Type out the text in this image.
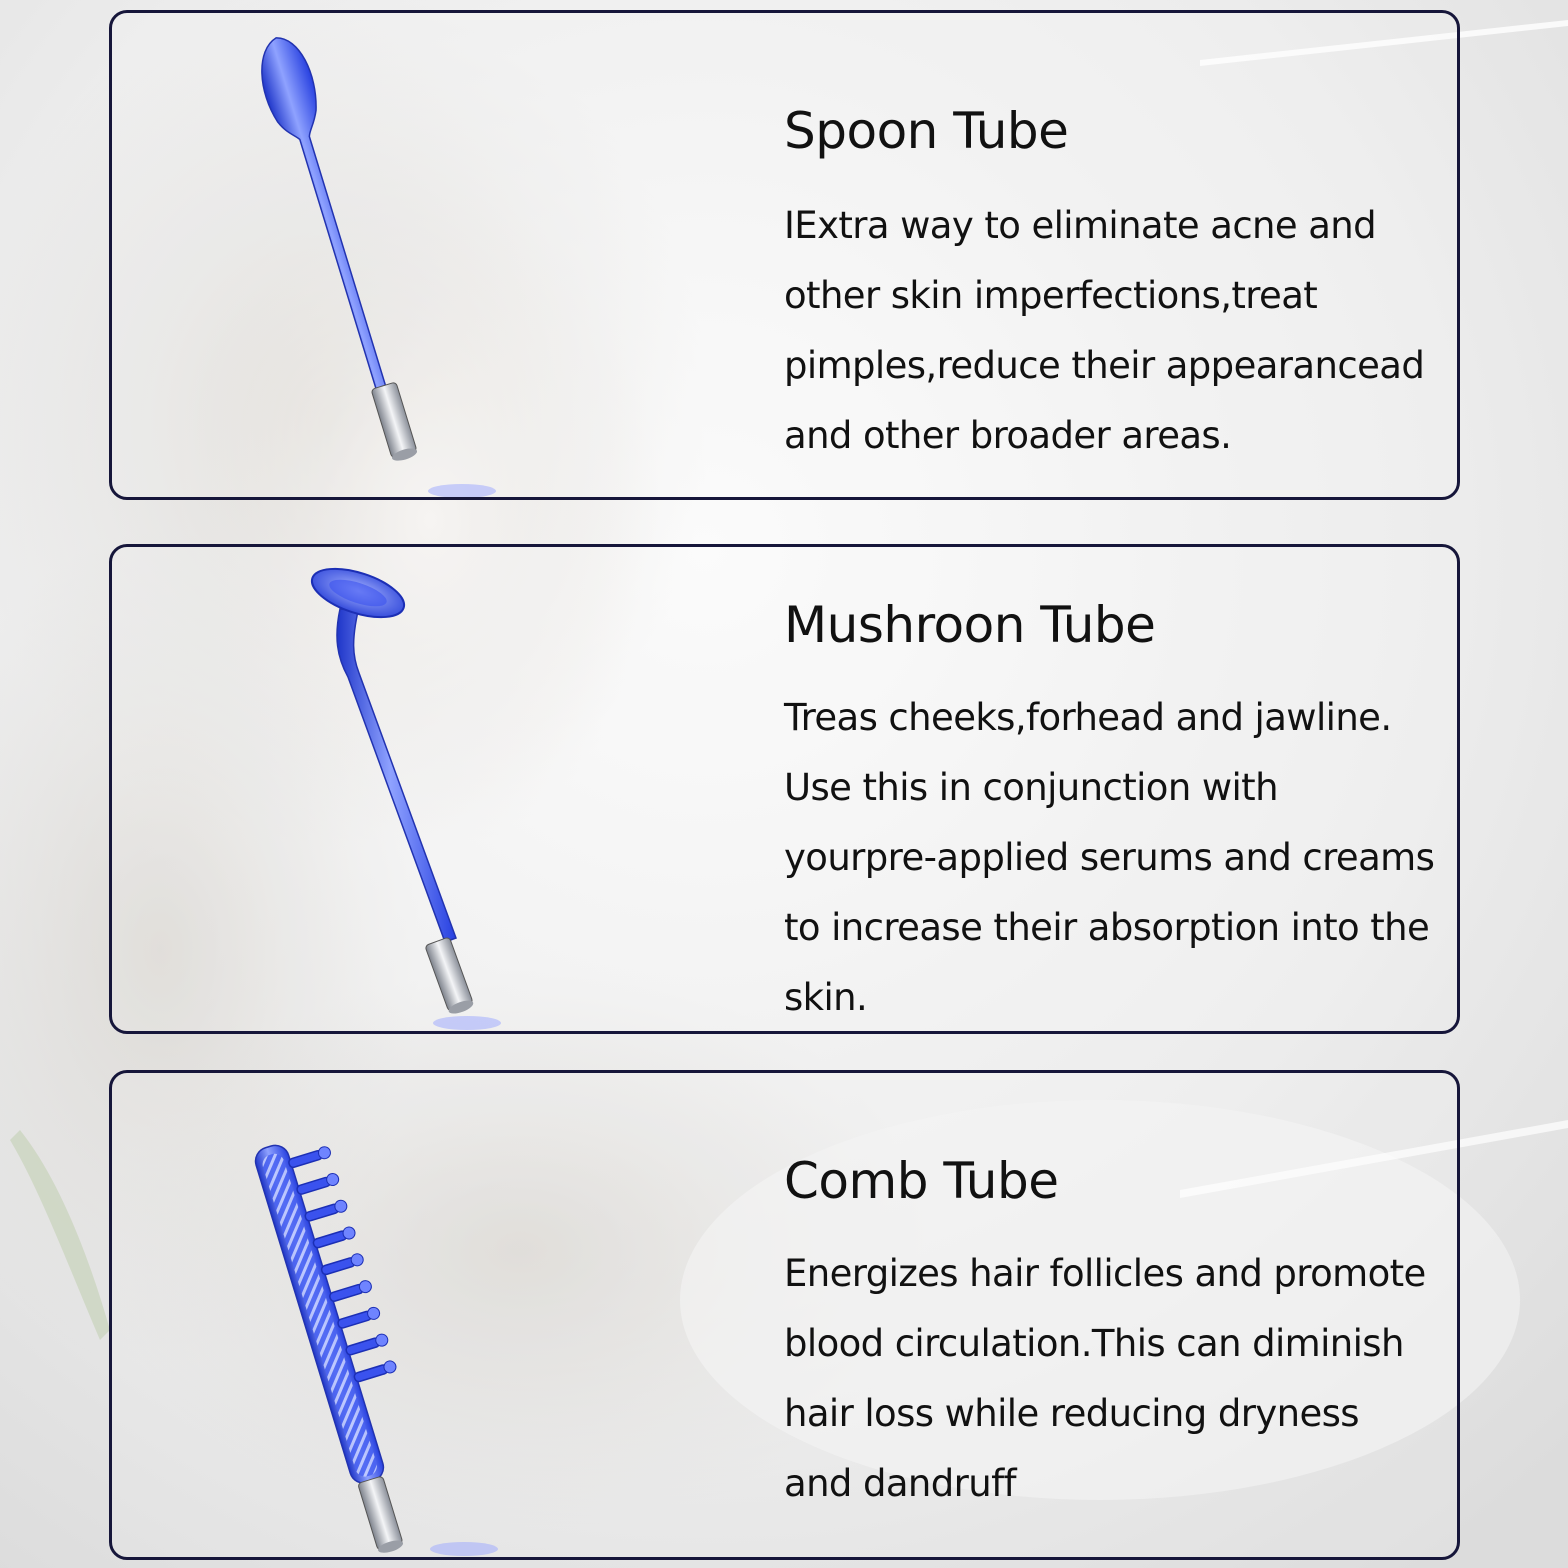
Spoon Tube

IExtra way to eliminate acne and other skin imperfections,treat pimples,reduce their appearancead and other broader areas.

Mushroon Tube

Treas cheeks,forhead and jawline. Use this in conjunction with yourpre-applied serums and creams to increase their absorption into the skin.

Comb Tube

Energizes hair follicles and promote blood circulation.This can diminish hair loss while reducing dryness and dandruff
